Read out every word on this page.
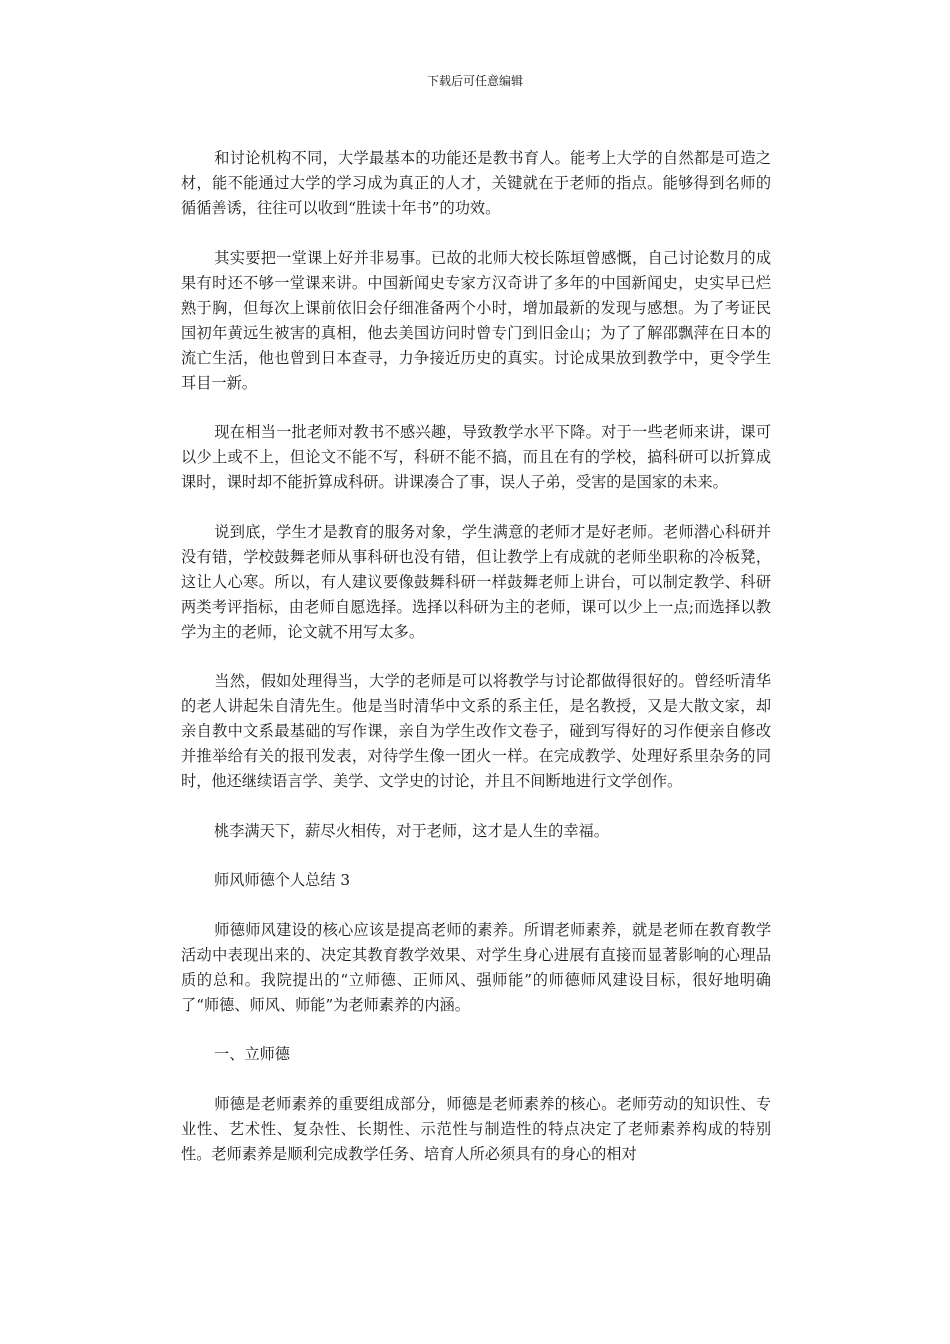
下载后可任意编辑

和讨论机构不同，大学最基本的功能还是教书育人。能考上大学的自然都是可造之材，能不能通过大学的学习成为真正的人才，关键就在于老师的指点。能够得到名师的循循善诱，往往可以收到“胜读十年书”的功效。

其实要把一堂课上好并非易事。已故的北师大校长陈垣曾感慨，自己讨论数月的成果有时还不够一堂课来讲。中国新闻史专家方汉奇讲了多年的中国新闻史，史实早已烂熟于胸，但每次上课前依旧会仔细准备两个小时，增加最新的发现与感想。为了考证民国初年黄远生被害的真相，他去美国访问时曾专门到旧金山；为了了解邵飘萍在日本的流亡生活，他也曾到日本查寻，力争接近历史的真实。讨论成果放到教学中，更令学生耳目一新。

现在相当一批老师对教书不感兴趣，导致教学水平下降。对于一些老师来讲，课可以少上或不上，但论文不能不写，科研不能不搞，而且在有的学校，搞科研可以折算成课时，课时却不能折算成科研。讲课凑合了事，误人子弟，受害的是国家的未来。

说到底，学生才是教育的服务对象，学生满意的老师才是好老师。老师潜心科研并没有错，学校鼓舞老师从事科研也没有错，但让教学上有成就的老师坐职称的冷板凳，这让人心寒。所以，有人建议要像鼓舞科研一样鼓舞老师上讲台，可以制定教学、科研两类考评指标，由老师自愿选择。选择以科研为主的老师，课可以少上一点;而选择以教学为主的老师，论文就不用写太多。

当然，假如处理得当，大学的老师是可以将教学与讨论都做得很好的。曾经听清华的老人讲起朱自清先生。他是当时清华中文系的系主任，是名教授，又是大散文家，却亲自教中文系最基础的写作课，亲自为学生改作文卷子，碰到写得好的习作便亲自修改并推举给有关的报刊发表，对待学生像一团火一样。在完成教学、处理好系里杂务的同时，他还继续语言学、美学、文学史的讨论，并且不间断地进行文学创作。

桃李满天下，薪尽火相传，对于老师，这才是人生的幸福。

师风师德个人总结 3

师德师风建设的核心应该是提高老师的素养。所谓老师素养，就是老师在教育教学活动中表现出来的、决定其教育教学效果、对学生身心进展有直接而显著影响的心理品质的总和。我院提出的“立师德、正师风、强师能”的师德师风建设目标，很好地明确了“师德、师风、师能”为老师素养的内涵。

一、立师德

师德是老师素养的重要组成部分，师德是老师素养的核心。老师劳动的知识性、专业性、艺术性、复杂性、长期性、示范性与制造性的特点决定了老师素养构成的特别性。老师素养是顺利完成教学任务、培育人所必须具有的身心的相对
